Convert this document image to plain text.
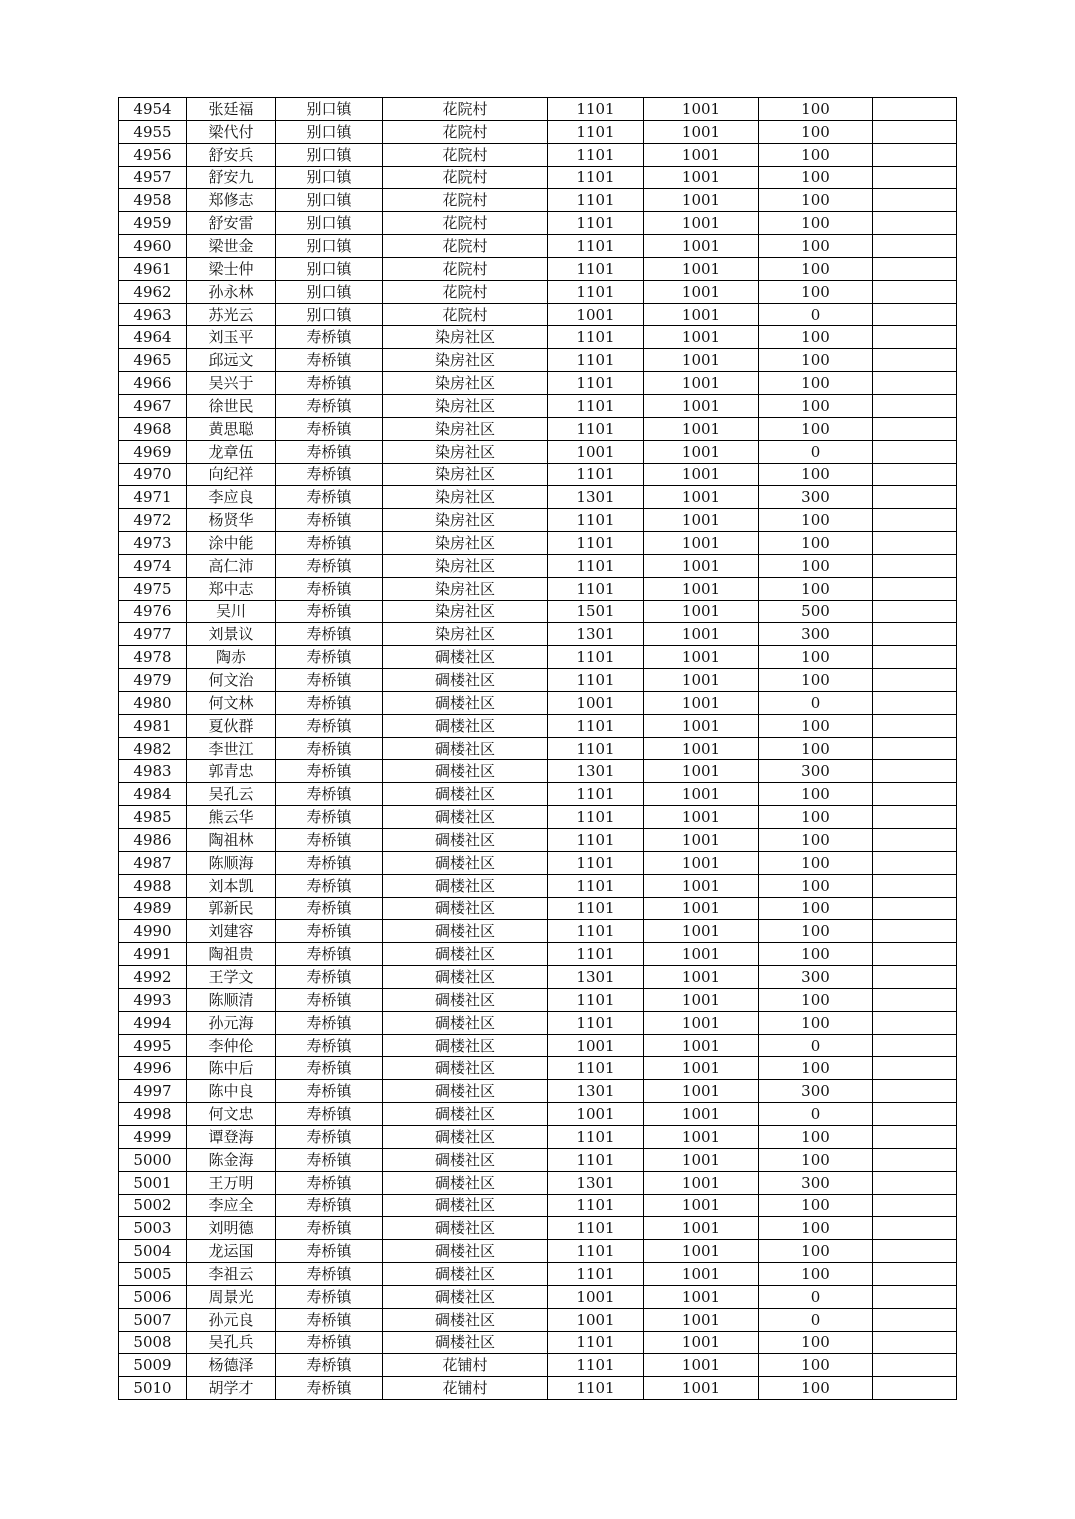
4954	张廷福	别口镇	花院村	1101	1001	100	
4955	梁代付	别口镇	花院村	1101	1001	100	
4956	舒安兵	别口镇	花院村	1101	1001	100	
4957	舒安九	别口镇	花院村	1101	1001	100	
4958	郑修志	别口镇	花院村	1101	1001	100	
4959	舒安雷	别口镇	花院村	1101	1001	100	
4960	梁世金	别口镇	花院村	1101	1001	100	
4961	梁士仲	别口镇	花院村	1101	1001	100	
4962	孙永林	别口镇	花院村	1101	1001	100	
4963	苏光云	别口镇	花院村	1001	1001	0	
4964	刘玉平	寿桥镇	染房社区	1101	1001	100	
4965	邱远文	寿桥镇	染房社区	1101	1001	100	
4966	吴兴于	寿桥镇	染房社区	1101	1001	100	
4967	徐世民	寿桥镇	染房社区	1101	1001	100	
4968	黄思聪	寿桥镇	染房社区	1101	1001	100	
4969	龙章伍	寿桥镇	染房社区	1001	1001	0	
4970	向纪祥	寿桥镇	染房社区	1101	1001	100	
4971	李应良	寿桥镇	染房社区	1301	1001	300	
4972	杨贤华	寿桥镇	染房社区	1101	1001	100	
4973	涂中能	寿桥镇	染房社区	1101	1001	100	
4974	高仁沛	寿桥镇	染房社区	1101	1001	100	
4975	郑中志	寿桥镇	染房社区	1101	1001	100	
4976	吴川	寿桥镇	染房社区	1501	1001	500	
4977	刘景议	寿桥镇	染房社区	1301	1001	300	
4978	陶赤	寿桥镇	碉楼社区	1101	1001	100	
4979	何文治	寿桥镇	碉楼社区	1101	1001	100	
4980	何文林	寿桥镇	碉楼社区	1001	1001	0	
4981	夏伙群	寿桥镇	碉楼社区	1101	1001	100	
4982	李世江	寿桥镇	碉楼社区	1101	1001	100	
4983	郭青忠	寿桥镇	碉楼社区	1301	1001	300	
4984	吴孔云	寿桥镇	碉楼社区	1101	1001	100	
4985	熊云华	寿桥镇	碉楼社区	1101	1001	100	
4986	陶祖林	寿桥镇	碉楼社区	1101	1001	100	
4987	陈顺海	寿桥镇	碉楼社区	1101	1001	100	
4988	刘本凯	寿桥镇	碉楼社区	1101	1001	100	
4989	郭新民	寿桥镇	碉楼社区	1101	1001	100	
4990	刘建容	寿桥镇	碉楼社区	1101	1001	100	
4991	陶祖贵	寿桥镇	碉楼社区	1101	1001	100	
4992	王学文	寿桥镇	碉楼社区	1301	1001	300	
4993	陈顺清	寿桥镇	碉楼社区	1101	1001	100	
4994	孙元海	寿桥镇	碉楼社区	1101	1001	100	
4995	李仲伦	寿桥镇	碉楼社区	1001	1001	0	
4996	陈中后	寿桥镇	碉楼社区	1101	1001	100	
4997	陈中良	寿桥镇	碉楼社区	1301	1001	300	
4998	何文忠	寿桥镇	碉楼社区	1001	1001	0	
4999	谭登海	寿桥镇	碉楼社区	1101	1001	100	
5000	陈金海	寿桥镇	碉楼社区	1101	1001	100	
5001	王万明	寿桥镇	碉楼社区	1301	1001	300	
5002	李应全	寿桥镇	碉楼社区	1101	1001	100	
5003	刘明德	寿桥镇	碉楼社区	1101	1001	100	
5004	龙运国	寿桥镇	碉楼社区	1101	1001	100	
5005	李祖云	寿桥镇	碉楼社区	1101	1001	100	
5006	周景光	寿桥镇	碉楼社区	1001	1001	0	
5007	孙元良	寿桥镇	碉楼社区	1001	1001	0	
5008	吴孔兵	寿桥镇	碉楼社区	1101	1001	100	
5009	杨德泽	寿桥镇	花铺村	1101	1001	100	
5010	胡学才	寿桥镇	花铺村	1101	1001	100	
